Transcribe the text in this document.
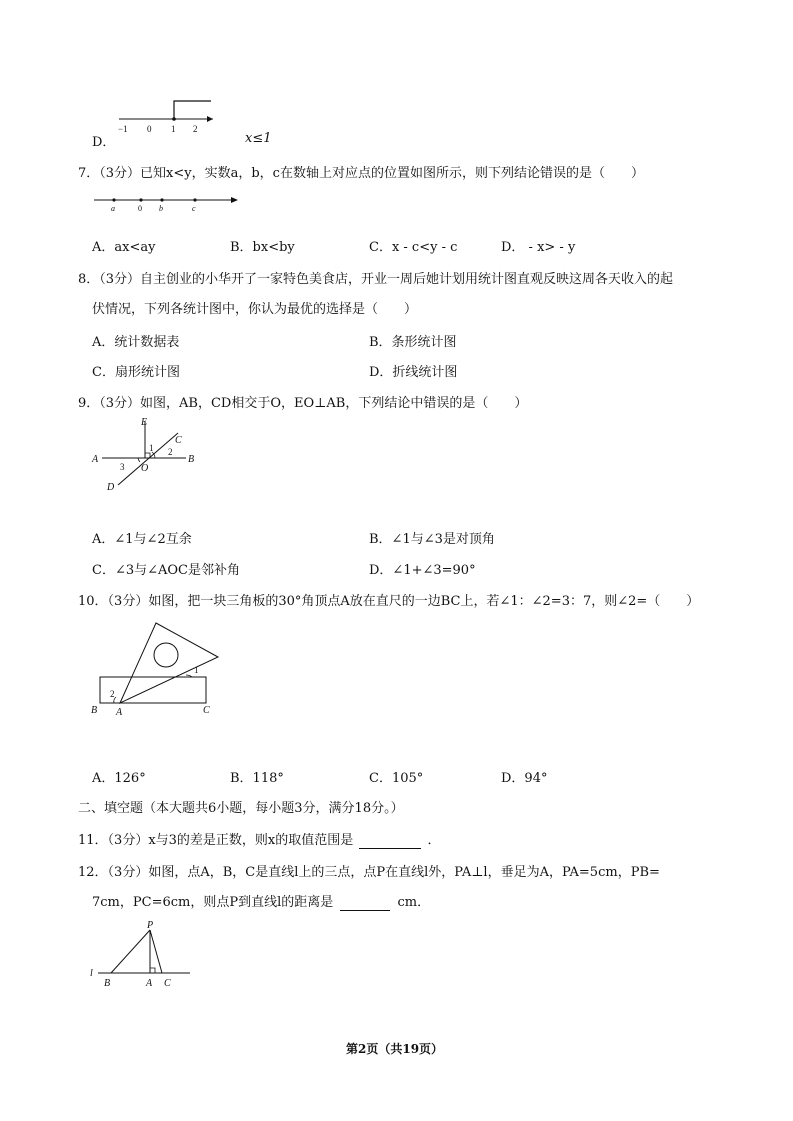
−1 0 1 2
D．	x≤1
7．（3分）已知x<y，实数a，b，c在数轴上对应点的位置如图所示，则下列结论错误的是（　　）
a	0 b	c
A．ax<ay	B．bx<by	C．x - c<y - c	D． - x> - y
8．（3分）自主创业的小华开了一家特色美食店，开业一周后她计划用统计图直观反映这周各天收入的起
伏情况，下列各统计图中，你认为最优的选择是（　　）
A．统计数据表	B．条形统计图
C．扇形统计图	D．折线统计图
9．（3分）如图，AB，CD相交于O，EO⊥AB，下列结论中错误的是（　　）
E
C
1 2
A
3 O
B
D
A．∠1与∠2互余	B．∠1与∠3是对顶角
C．∠3与∠AOC是邻补角	D．∠1+∠3=90°
10．（3分）如图，把一块三角板的30°角顶点A放在直尺的一边BC上，若∠1：∠2=3：7，则∠2=（　　）
1
2
B A	C
A．126°	B．118°	C．105°	D．94°
二、填空题（本大题共6小题，每小题3分，满分18分。）
11．（3分）x与3的差是正数，则x的取值范围是	．
12．（3分）如图，点A，B，C是直线l上的三点，点P在直线l外，PA⊥l，垂足为A，PA=5cm，PB=
7cm，PC=6cm，则点P到直线l的距离是	cm．
P
l
B	A C
第2页（共19页）
